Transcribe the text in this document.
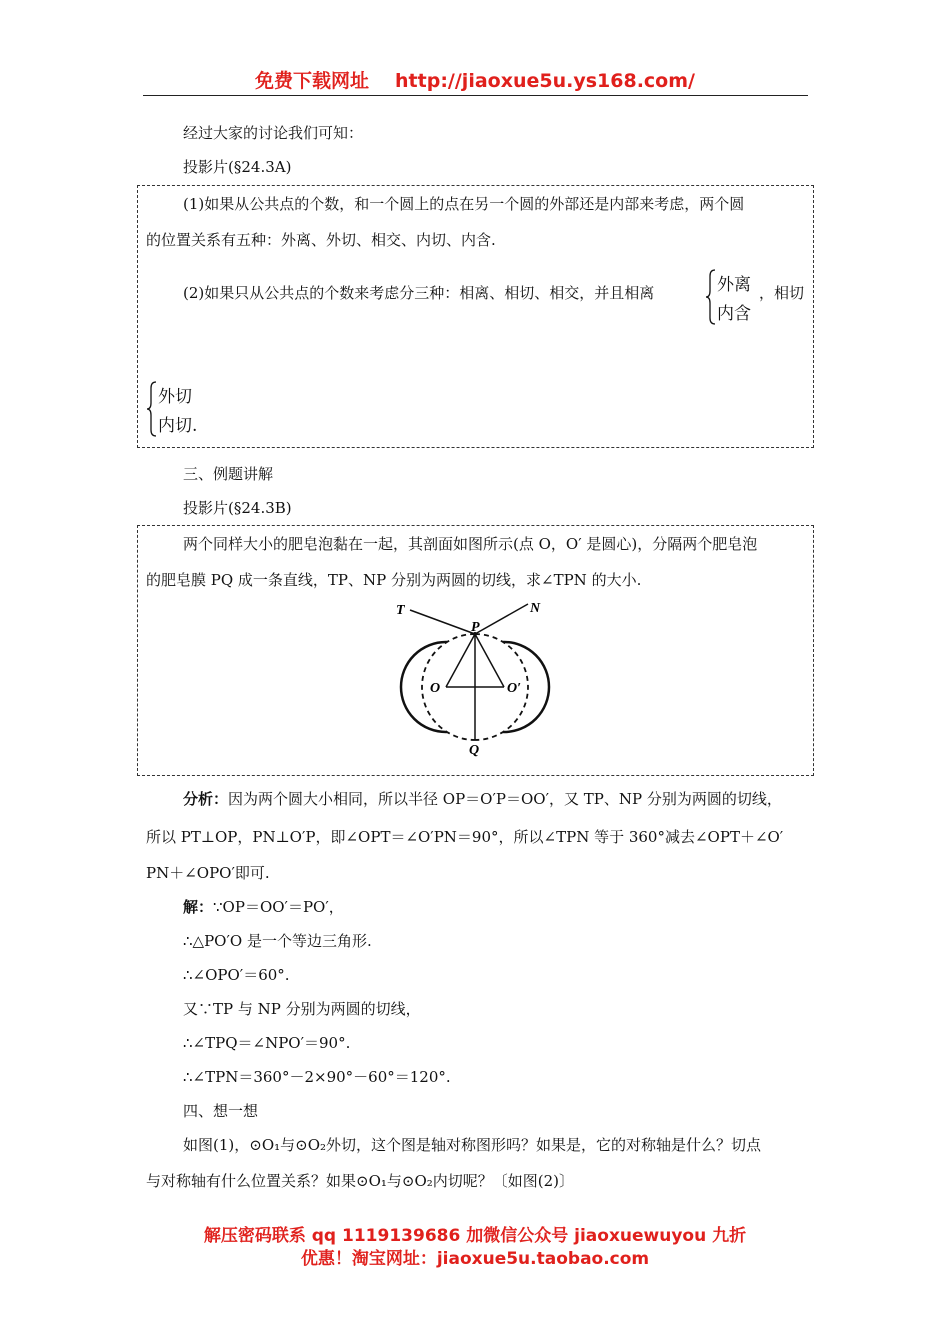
免费下载网址 http://jiaoxue5u.ys168.com/
经过大家的讨论我们可知：
投影片(§24.3A)
(1)如果从公共点的个数，和一个圆上的点在另一个圆的外部还是内部来考虑，两个圆
的位置关系有五种：外离、外切、相交、内切、内含.
(2)如果只从公共点的个数来考虑分三种：相离、相切、相交，并且相离	外离
内含
，相切
外切
内切.
三、例题讲解
投影片(§24.3B)
两个同样大小的肥皂泡黏在一起，其剖面如图所示(点 O，O′ 是圆心)，分隔两个肥皂泡
的肥皂膜 PQ 成一条直线，TP、NP 分别为两圆的切线，求∠TPN 的大小.
T	N
P
O	O′
Q
分析：因为两个圆大小相同，所以半径 OP＝O′P＝OO′，又 TP、NP 分别为两圆的切线，
所以 PT⊥OP，PN⊥O′P，即∠OPT＝∠O′PN＝90°，所以∠TPN 等于 360°减去∠OPT＋∠O′
PN＋∠OPO′即可.
解：∵OP＝OO′＝PO′，
∴△PO′O 是一个等边三角形.
∴∠OPO′＝60°.
又∵TP 与 NP 分别为两圆的切线，
∴∠TPQ＝∠NPO′＝90°.
∴∠TPN＝360°－2×90°－60°＝120°.
四、想一想
如图(1)，⊙O₁与⊙O₂外切，这个图是轴对称图形吗？如果是，它的对称轴是什么？切点
与对称轴有什么位置关系？如果⊙O₁与⊙O₂内切呢？〔如图(2)〕
解压密码联系 qq 1119139686 加微信公众号 jiaoxuewuyou 九折
优惠！淘宝网址：jiaoxue5u.taobao.com
